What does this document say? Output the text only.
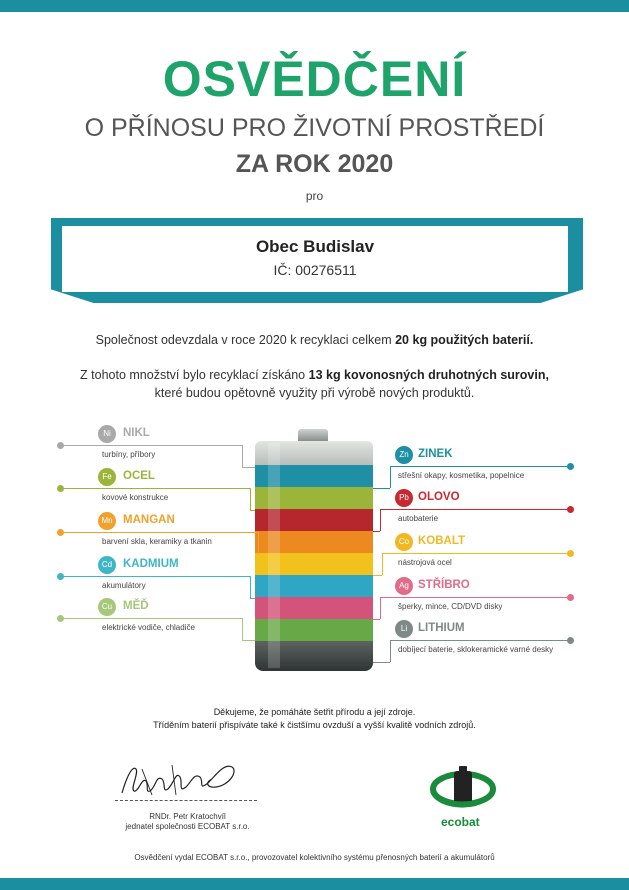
OSVĚDČENÍ
O PŘÍNOSU PRO ŽIVOTNÍ PROSTŘEDÍ
ZA ROK 2020
pro
Obec Budislav
IČ: 00276511
Společnost odevzdala v roce 2020 k recyklaci celkem 20 kg použitých baterií.
Z tohoto množství bylo recyklací získáno 13 kg kovonosných druhotných surovin,
které budou opětovně využity při výrobě nových produktů.
Ni	NIKL
turbíny, příbory
Fe OCEL
kovové konstrukce
Mn MANGAN
barvení skla, keramiky a tkanin
Cd KADMIUM
akumulátory
Cu MĚĎ
elektrické vodiče, chladiče
Zn ZINEK
střešní okapy, kosmetika, popelnice
Pb OLOVO
autobaterie
Co KOBALT
nástrojová ocel
Ag STŘÍBRO
šperky, mince, CD/DVD disky
Li LITHIUM
dobíjecí baterie, sklokeramické varné desky
Děkujeme, že pomáháte šetřit přírodu a její zdroje.
Tříděním baterií přispíváte také k čistšímu ovzduší a vyšší kvalitě vodních zdrojů.
RNDr. Petr Kratochvíl
jednatel společnosti ECOBAT s.r.o.	ecobat
Osvědčení vydal ECOBAT s.r.o., provozovatel kolektivního systému přenosných baterií a akumulátorů
